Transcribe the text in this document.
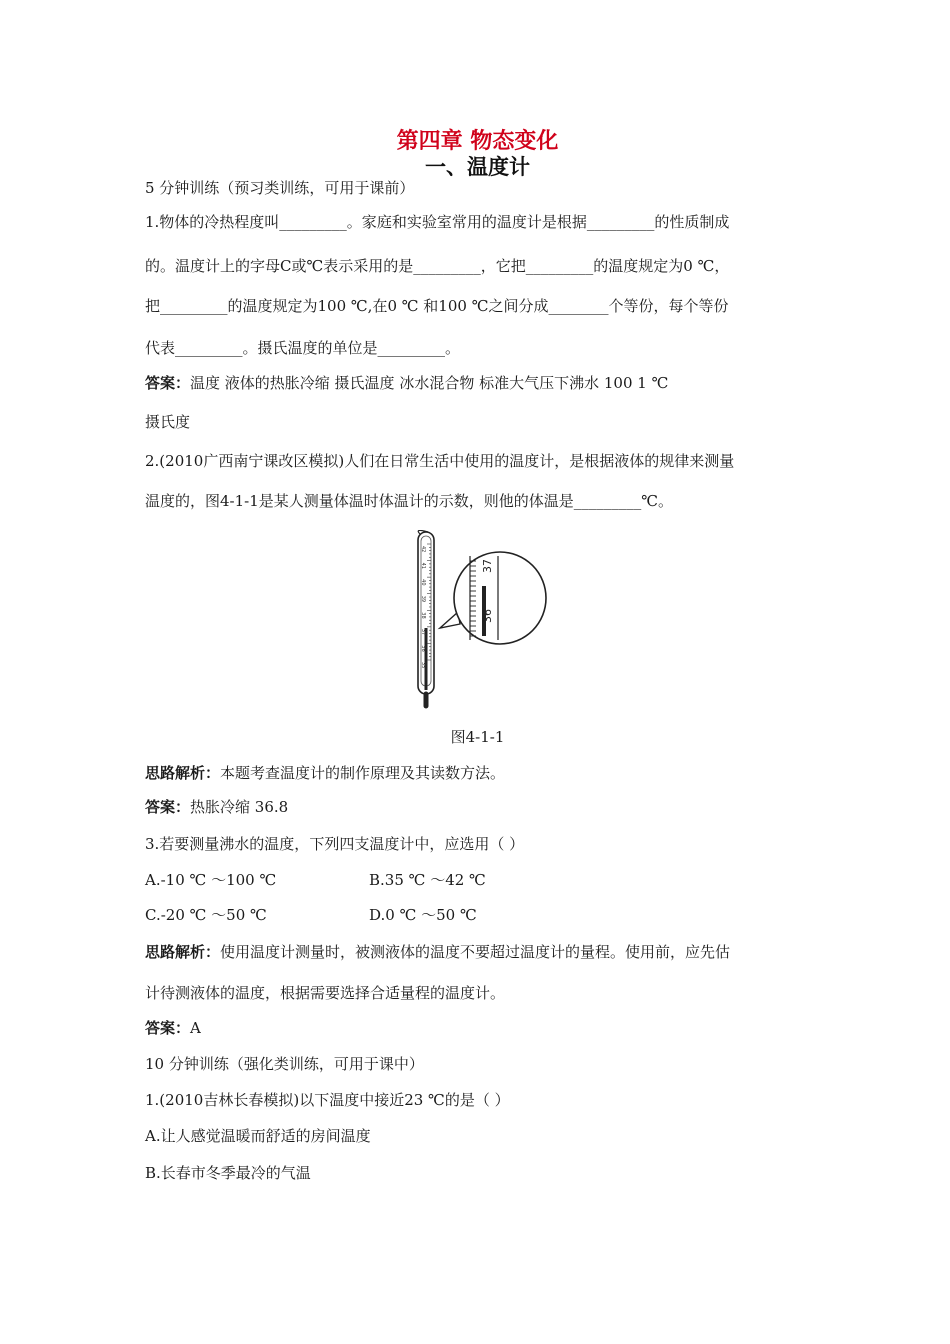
第四章 物态变化
一、温度计
5 分钟训练（预习类训练，可用于课前）
1.物体的冷热程度叫_________。家庭和实验室常用的温度计是根据_________的性质制成
的。温度计上的字母C或℃表示采用的是_________，它把_________的温度规定为0 ℃，
把_________的温度规定为100 ℃,在0 ℃ 和100 ℃之间分成________个等份，每个等份
代表_________。摄氏温度的单位是_________。
答案：温度 液体的热胀冷缩 摄氏温度 冰水混合物 标准大气压下沸水 100 1 ℃
摄氏度
2.(2010广西南宁课改区模拟)人们在日常生活中使用的温度计，是根据液体的规律来测量
温度的，图4-1-1是某人测量体温时体温计的示数，则他的体温是_________℃。
42
41
40
39
38
37
36
35
36
37
图4-1-1
思路解析：本题考查温度计的制作原理及其读数方法。
答案：热胀冷缩 36.8
3.若要测量沸水的温度，下列四支温度计中，应选用（ ）
A.-10 ℃ ～100 ℃	B.35 ℃ ～42 ℃
C.-20 ℃ ～50 ℃	D.0 ℃ ～50 ℃
思路解析：使用温度计测量时，被测液体的温度不要超过温度计的量程。使用前，应先估
计待测液体的温度，根据需要选择合适量程的温度计。
答案：A
10 分钟训练（强化类训练，可用于课中）
1.(2010吉林长春模拟)以下温度中接近23 ℃的是（ ）
A.让人感觉温暖而舒适的房间温度
B.长春市冬季最冷的气温
